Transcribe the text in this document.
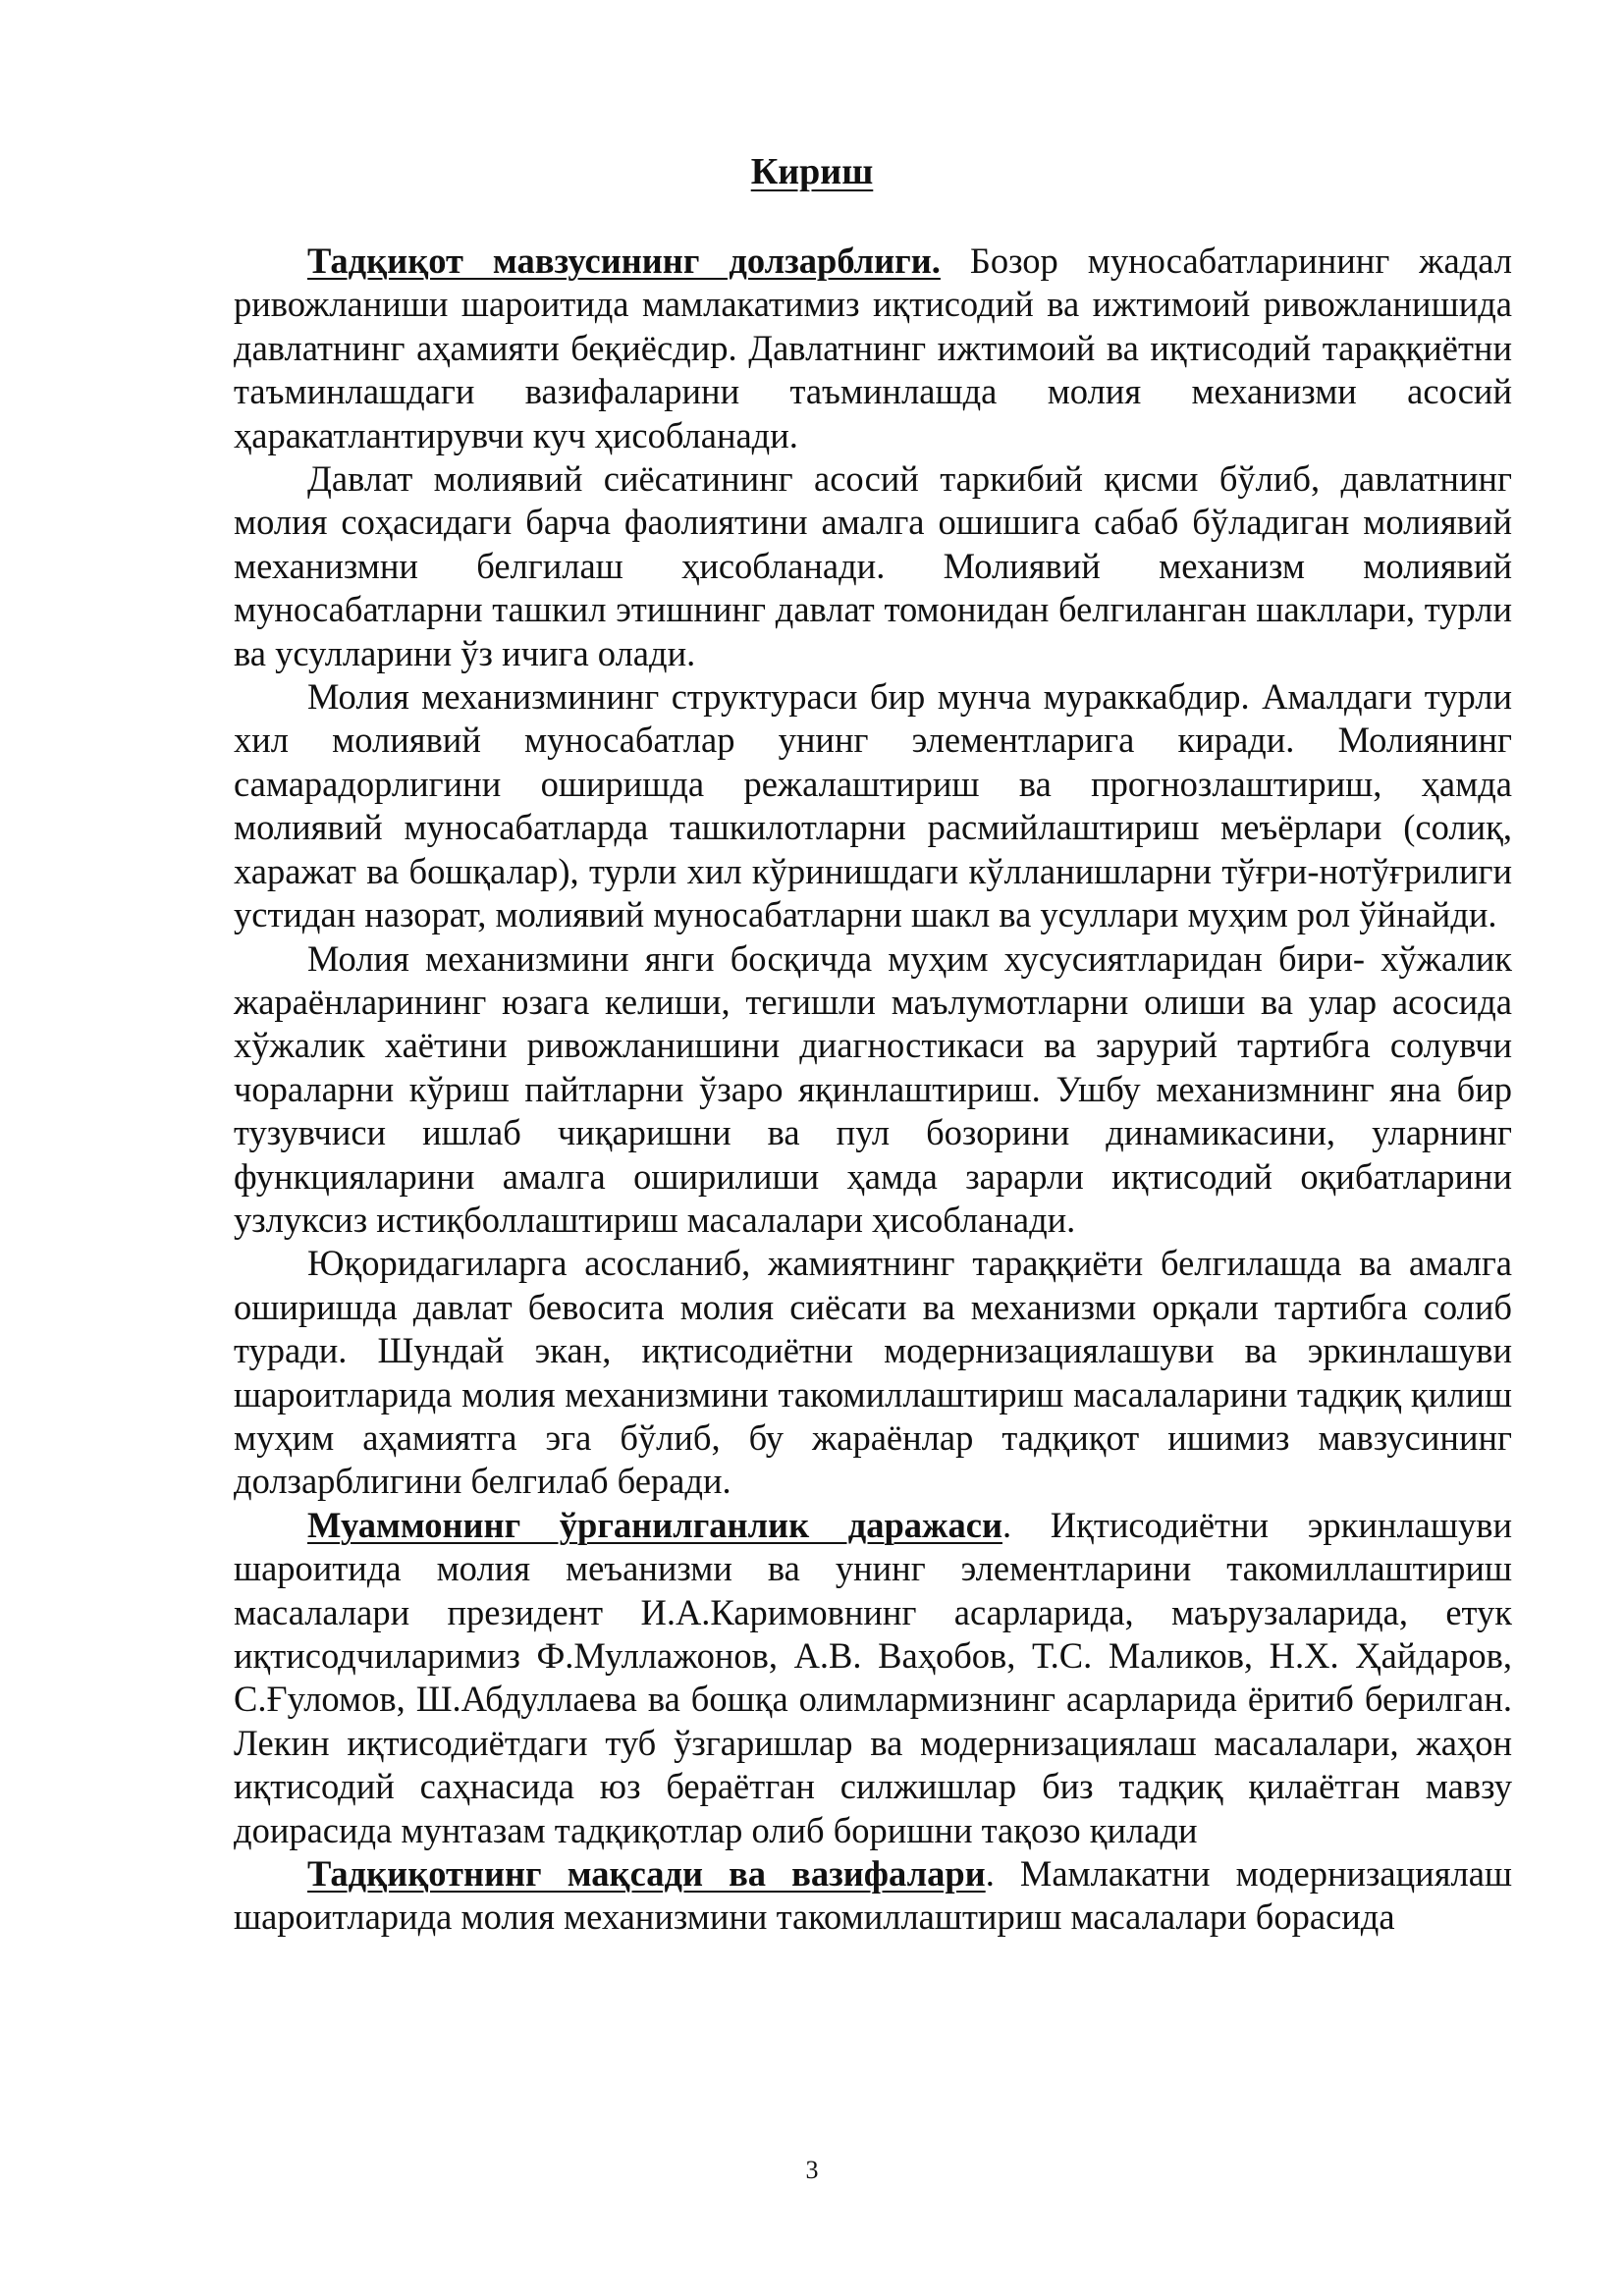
Кириш

Тадқиқот мавзусининг долзарблиги. Бозор муносабатларининг жадал ривожланиши шароитида мамлакатимиз иқтисодий ва ижтимоий ривожланишида давлатнинг аҳамияти беқиёсдир. Давлатнинг ижтимоий ва иқтисодий тараққиётни таъминлашдаги вазифаларини таъминлашда молия механизми асосий ҳаракатлантирувчи куч ҳисобланади.

Давлат молиявий сиёсатининг асосий таркибий қисми бўлиб, давлатнинг молия соҳасидаги барча фаолиятини амалга ошишига сабаб бўладиган молиявий механизмни белгилаш ҳисобланади. Молиявий механизм молиявий муносабатларни ташкил этишнинг давлат томонидан белгиланган шакллари, турли ва усулларини ўз ичига олади.

Молия механизмининг структураси бир мунча мураккабдир. Амалдаги турли хил молиявий муносабатлар унинг элементларига киради. Молиянинг самарадорлигини оширишда режалаштириш ва прогнозлаштириш, ҳамда молиявий муносабатларда ташкилотларни расмийлаштириш меъёрлари (солиқ, харажат ва бошқалар), турли хил кўринишдаги кўлланишларни тўғри-нотўғрилиги устидан назорат, молиявий муносабатларни шакл ва усуллари муҳим рол ўйнайди.

Молия механизмини янги босқичда муҳим хусусиятларидан бири- хўжалик жараёнларининг юзага келиши, тегишли маълумотларни олиши ва улар асосида хўжалик хаётини ривожланишини диагностикаси ва зарурий тартибга солувчи чораларни кўриш пайтларни ўзаро яқинлаштириш. Ушбу механизмнинг яна бир тузувчиси ишлаб чиқаришни ва пул бозорини динамикасини, уларнинг функцияларини амалга оширилиши ҳамда зарарли иқтисодий оқибатларини узлуксиз истиқболлаштириш масалалари ҳисобланади.

Юқоридагиларга асосланиб, жамиятнинг тараққиёти белгилашда ва амалга оширишда давлат бевосита молия сиёсати ва механизми орқали тартибга солиб туради. Шундай экан, иқтисодиётни модернизациялашуви ва эркинлашуви шароитларида молия механизмини такомиллаштириш масалаларини тадқиқ қилиш муҳим аҳамиятга эга бўлиб, бу жараёнлар тадқиқот ишимиз мавзусининг долзарблигини белгилаб беради.

Муаммонинг ўрганилганлик даражаси. Иқтисодиётни эркинлашуви шароитида молия меъанизми ва унинг элементларини такомиллаштириш масалалари президент И.А.Каримовнинг асарларида, маърузаларида, етук иқтисодчиларимиз Ф.Муллажонов, А.В. Ваҳобов, Т.С. Маликов, Н.Х. Ҳайдаров, С.Ғуломов, Ш.Абдуллаева ва бошқа олимлармизнинг асарларида ёритиб берилган. Лекин иқтисодиётдаги туб ўзгаришлар ва модернизациялаш масалалари, жаҳон иқтисодий саҳнасида юз бераётган силжишлар биз тадқиқ қилаётган мавзу доирасида мунтазам тадқиқотлар олиб боришни тақозо қилади

Тадқиқотнинг мақсади ва вазифалари. Мамлакатни модернизациялаш шароитларида молия механизмини такомиллаштириш масалалари борасида

3
